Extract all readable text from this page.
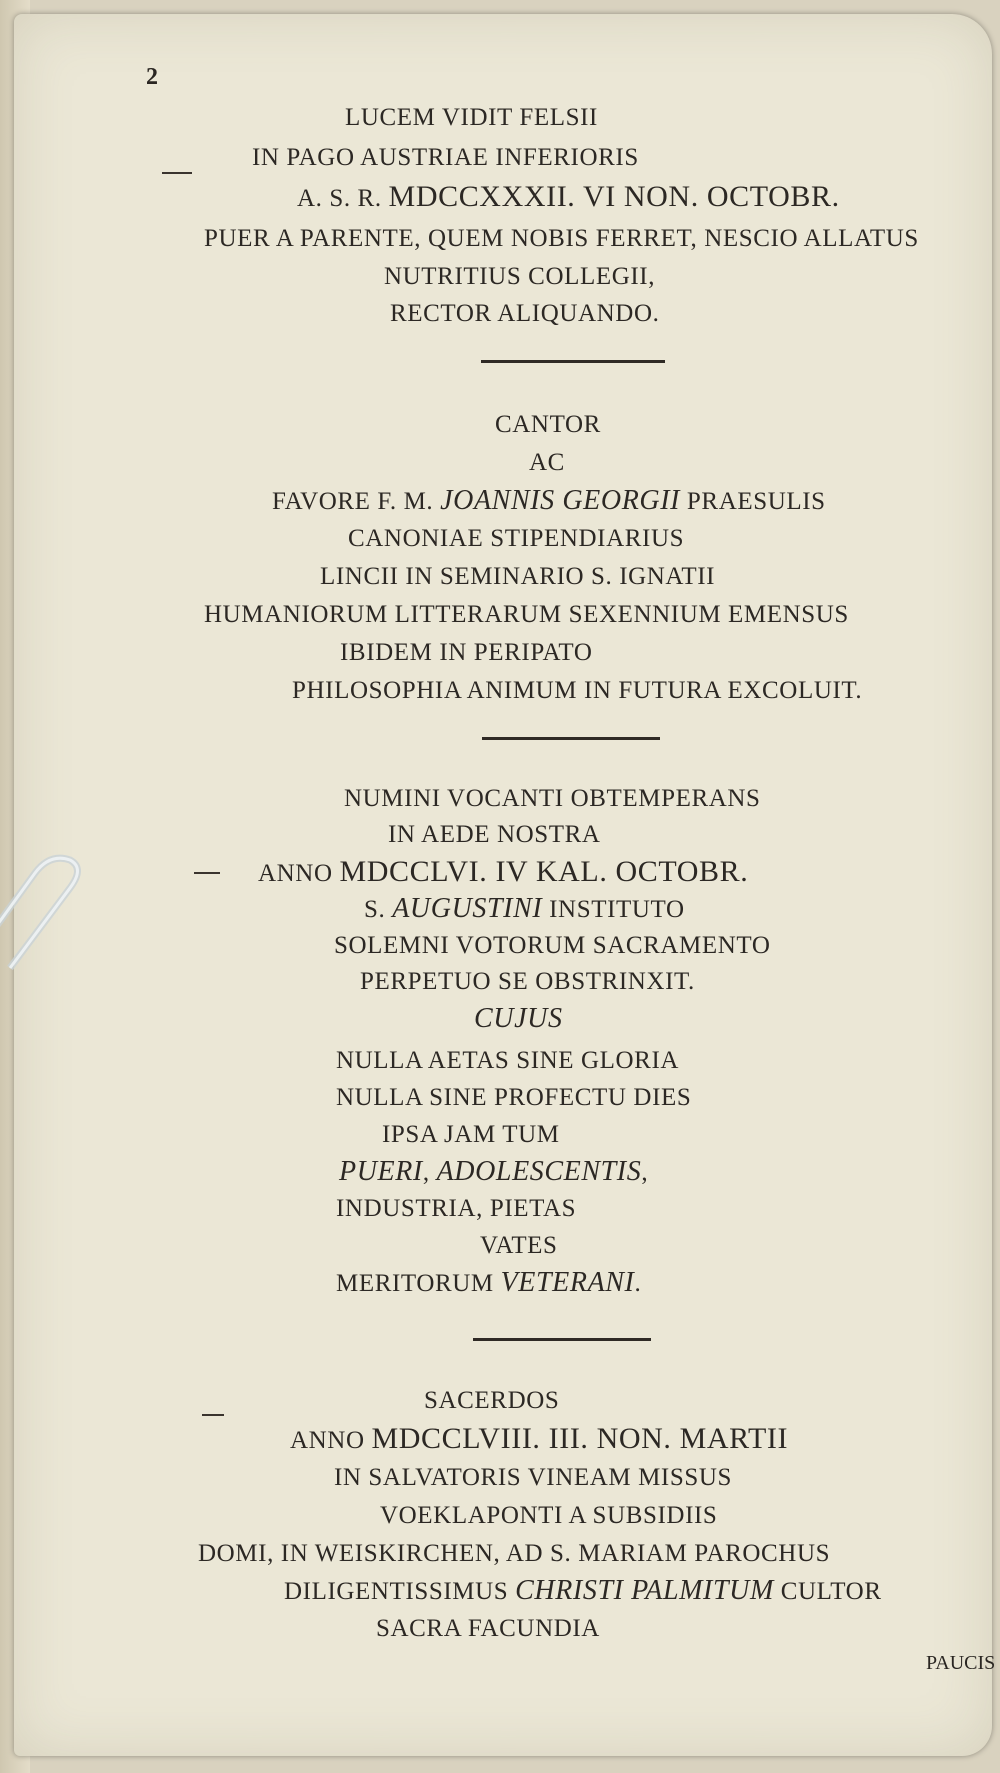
2
LUCEM VIDIT FELSII
IN PAGO AUSTRIAE INFERIORIS
A. S. R. MDCCXXXII. VI NON. OCTOBR.
PUER A PARENTE, QUEM NOBIS FERRET, NESCIO ALLATUS
NUTRITIUS COLLEGII,
RECTOR ALIQUANDO.
CANTOR
AC
FAVORE F. M. JOANNIS GEORGII PRAESULIS
CANONIAE STIPENDIARIUS
LINCII IN SEMINARIO S. IGNATII
HUMANIORUM LITTERARUM SEXENNIUM EMENSUS
IBIDEM IN PERIPATO
PHILOSOPHIA ANIMUM IN FUTURA EXCOLUIT.
NUMINI VOCANTI OBTEMPERANS
IN AEDE NOSTRA
ANNO MDCCLVI. IV KAL. OCTOBR.
S. AUGUSTINI INSTITUTO
SOLEMNI VOTORUM SACRAMENTO
PERPETUO SE OBSTRINXIT.
CUJUS
NULLA AETAS SINE GLORIA
NULLA SINE PROFECTU DIES
IPSA JAM TUM
PUERI, ADOLESCENTIS,
INDUSTRIA, PIETAS
VATES
MERITORUM VETERANI.
SACERDOS
ANNO MDCCLVIII. III. NON. MARTII
IN SALVATORIS VINEAM MISSUS
VOEKLAPONTI A SUBSIDIIS
DOMI, IN WEISKIRCHEN, AD S. MARIAM PAROCHUS
DILIGENTISSIMUS CHRISTI PALMITUM CULTOR
SACRA FACUNDIA
PAUCIS
